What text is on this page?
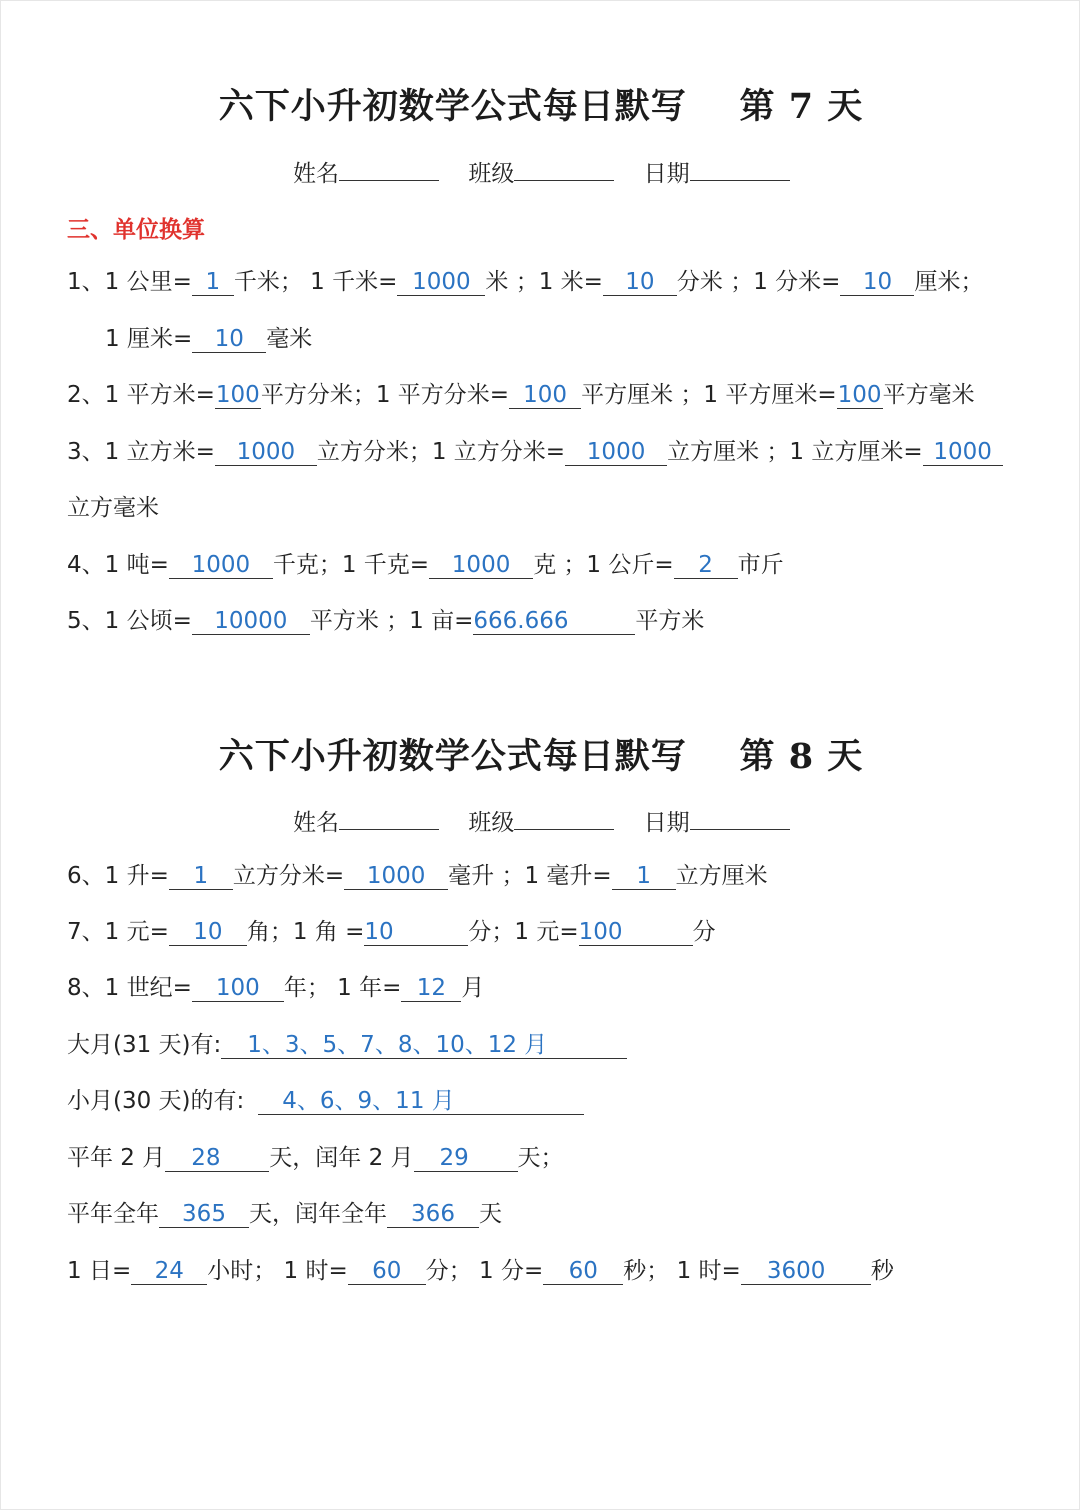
六下小升初数学公式每日默写    第 7 天
姓名	班级	日期
三、单位换算
1、1 公里= 1 千米； 1 千米= 1000 米 ；1 米= 10 分米 ；1 分米= 10 厘米；
1 厘米= 10 毫米
2、1 平方米=100平方分米；1 平方分米= 100 平方厘米 ；1 平方厘米=100平方毫米
3、1 立方米= 1000 立方分米；1 立方分米= 1000 立方厘米 ；1 立方厘米= 1000
立方毫米
4、1 吨= 1000 千克；1 千克= 1000 克 ；1 公斤= 2 市斤
5、1 公顷= 10000 平方米 ；1 亩=666.666	平方米
六下小升初数学公式每日默写    第 8 天
姓名	班级	日期
6、1 升= 1 立方分米= 1000 毫升 ；1 毫升= 1 立方厘米
7、1 元= 10 角；1 角 =10	分；1 元=100	分
8、1 世纪= 100 年； 1 年= 12 月
大月(31 天)有: 1、3、5、7、8、10、12 月
小月(30 天)的有: 4、6、9、11 月
平年 2 月 28 天，闰年 2 月 29 天；
平年全年 365 天，闰年全年 366 天
1 日= 24 小时； 1 时= 60 分； 1 分= 60 秒； 1 时= 3600 秒
